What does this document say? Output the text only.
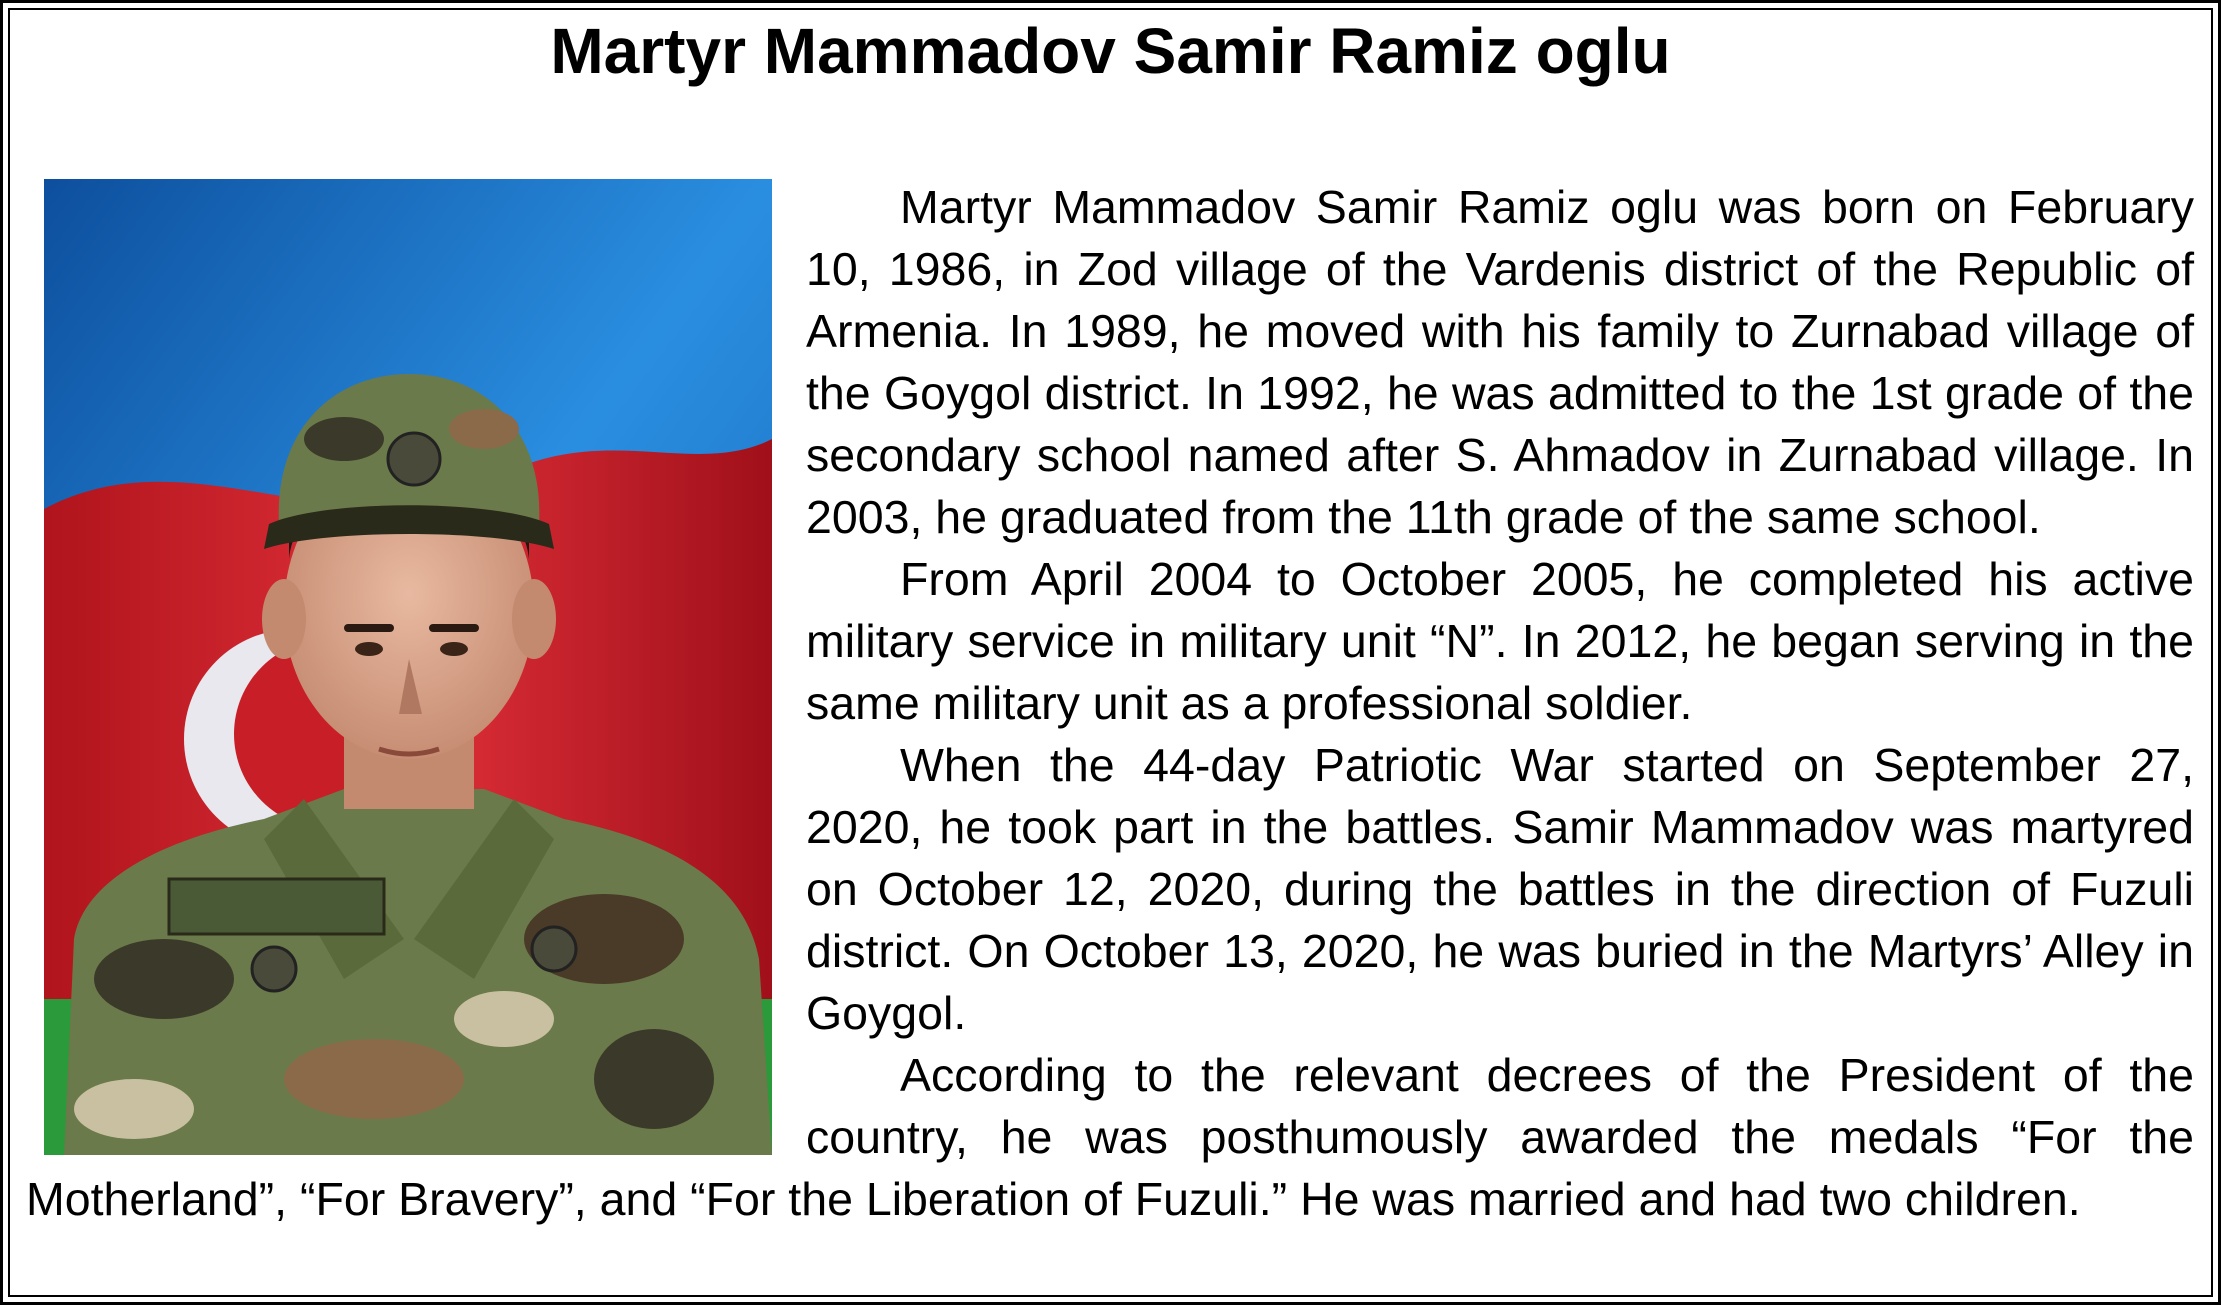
Martyr Mammadov Samir Ramiz oglu

Martyr Mammadov Samir Ramiz oglu was born on February 10, 1986, in Zod village of the Vardenis district of the Republic of Armenia. In 1989, he moved with his family to Zurnabad village of the Goygol district. In 1992, he was admitted to the 1st grade of the secondary school named after S. Ahmadov in Zurnabad village. In 2003, he graduated from the 11th grade of the same school.

From April 2004 to October 2005, he completed his active military service in military unit “N”. In 2012, he began serving in the same military unit as a professional soldier.

When the 44-day Patriotic War started on September 27, 2020, he took part in the battles. Samir Mammadov was martyred on October 12, 2020, during the battles in the direction of Fuzuli district. On October 13, 2020, he was buried in the Martyrs’ Alley in Goygol.

According to the relevant decrees of the President of the country, he was posthumously awarded the medals “For the Motherland”, “For Bravery”, and “For the Liberation of Fuzuli.” He was married and had two children.
